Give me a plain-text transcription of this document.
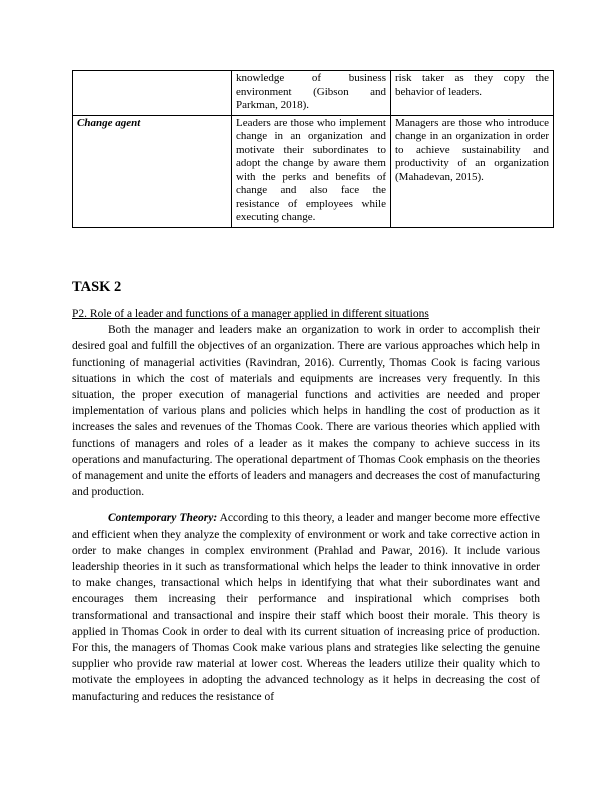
	knowledge of business environment (Gibson and Parkman, 2018).	risk taker as they copy the behavior of leaders.
Change agent	Leaders are those who implement change in an organization and motivate their subordinates to adopt the change by aware them with the perks and benefits of change and also face the resistance of employees while executing change.	Managers are those who introduce change in an organization in order to achieve sustainability and productivity of an organization (Mahadevan, 2015).
TASK 2

P2. Role of a leader and functions of a manager applied in different situations

Both the manager and leaders make an organization to work in order to accomplish their desired goal and fulfill the objectives of an organization. There are various approaches which help in functioning of managerial activities (Ravindran, 2016). Currently, Thomas Cook is facing various situations in which the cost of materials and equipments are increases very frequently. In this situation, the proper execution of managerial functions and activities are needed and proper implementation of various plans and policies which helps in handling the cost of production as it increases the sales and revenues of the Thomas Cook. There are various theories which applied with functions of managers and roles of a leader as it makes the company to achieve success in its operations and manufacturing. The operational department of Thomas Cook emphasis on the theories of management and unite the efforts of leaders and managers and decreases the cost of manufacturing and production.

Contemporary Theory: According to this theory, a leader and manger become more effective and efficient when they analyze the complexity of environment or work and take corrective action in order to make changes in complex environment (Prahlad and Pawar, 2016). It include various leadership theories in it such as transformational which helps the leader to think innovative in order to make changes, transactional which helps in identifying that what their subordinates want and encourages them increasing their performance and inspirational which comprises both transformational and transactional and inspire their staff which boost their morale. This theory is applied in Thomas Cook in order to deal with its current situation of increasing price of production. For this, the managers of Thomas Cook make various plans and strategies like selecting the genuine supplier who provide raw material at lower cost. Whereas the leaders utilize their quality which to motivate the employees in adopting the advanced technology as it helps in decreasing the cost of manufacturing and reduces the resistance of
